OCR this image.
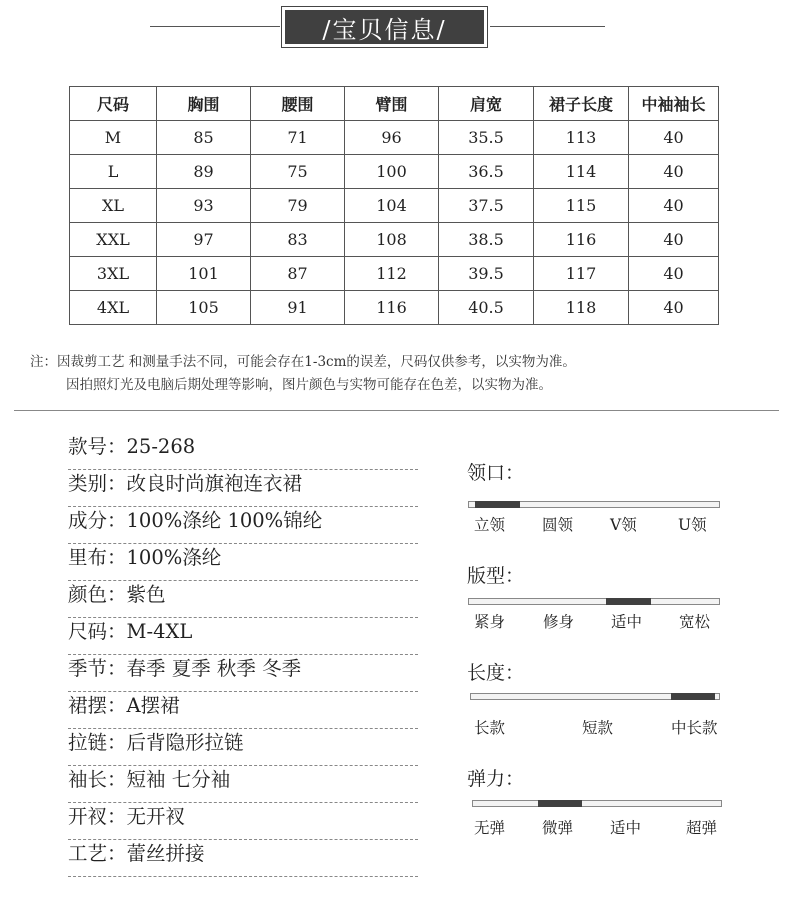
/宝贝信息/
尺码	胸围	腰围	臂围	肩宽	裙子长度	中袖袖长
M	85	71	96	35.5	113	40
L	89	75	100	36.5	114	40
XL	93	79	104	37.5	115	40
XXL	97	83	108	38.5	116	40
3XL	101	87	112	39.5	117	40
4XL	105	91	116	40.5	118	40
注：因裁剪工艺 和测量手法不同，可能会存在1-3cm的误差，尺码仅供参考，以实物为准。
因拍照灯光及电脑后期处理等影响，图片颜色与实物可能存在色差，以实物为准。
款号：25-268
类别：改良时尚旗袍连衣裙
成分：100%涤纶 100%锦纶
里布：100%涤纶
颜色：紫色
尺码：M-4XL
季节：春季 夏季 秋季 冬季
裙摆：A摆裙
拉链：后背隐形拉链
袖长：短袖 七分袖
开衩：无开衩
工艺：蕾丝拼接
领口：
立领 圆领 V领	U领
版型：
紧身 修身 适中 宽松
长度：
长款	短款	中长款
弹力：
无弹 微弹 适中	超弹
